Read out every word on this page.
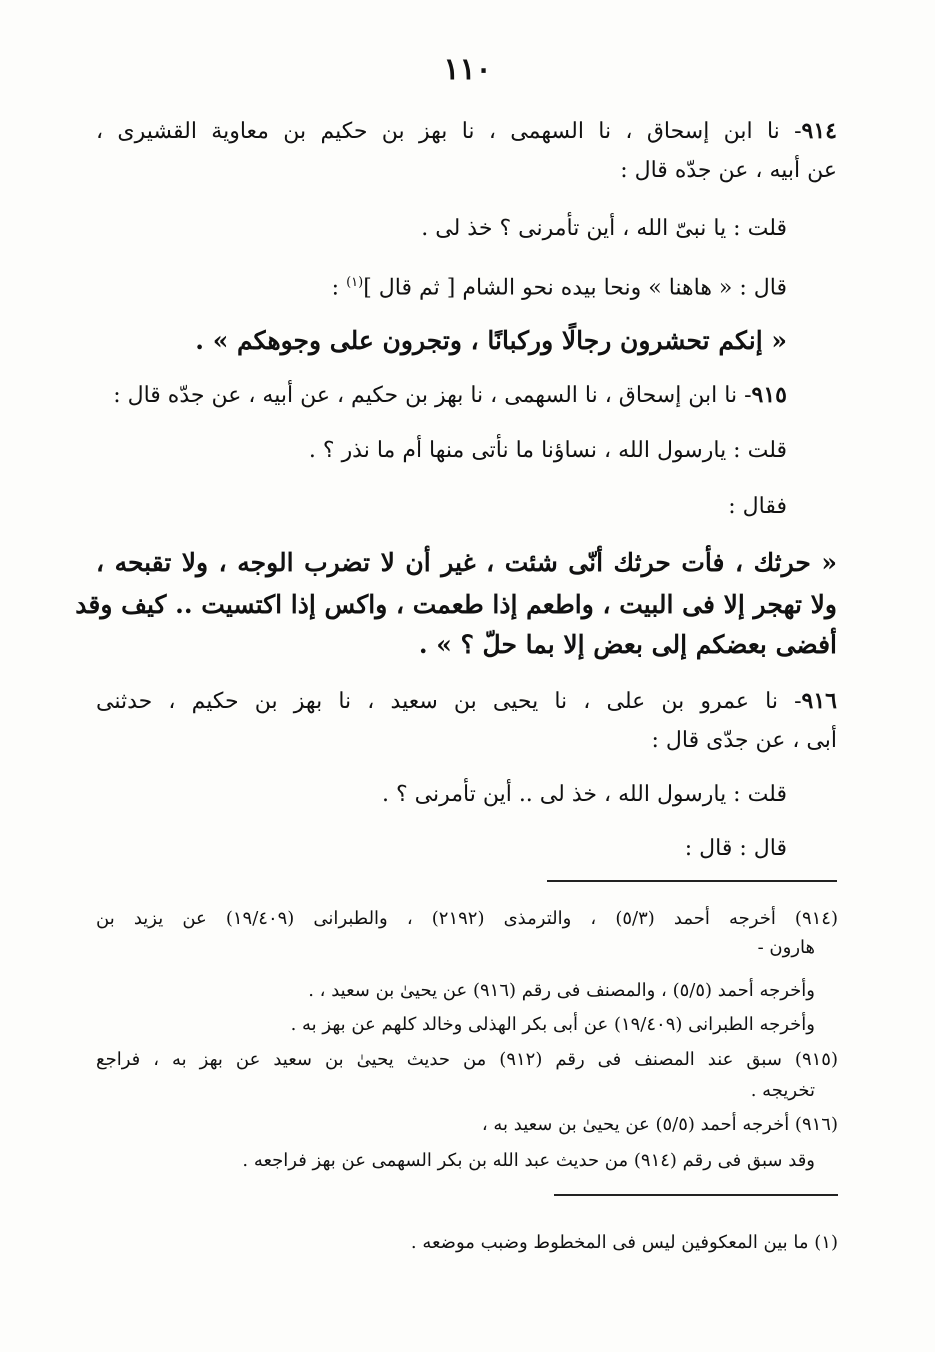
١١٠
٩١٤- نا ابن إسحاق ، نا السهمى ، نا بهز بن حكيم بن معاوية القشيرى ،
عن أبيه ، عن جدّه قال :
قلت : يا نبىّ الله ، أين تأمرنى ؟ خذ لى .
قال : « هاهنا » ونحا بيده نحو الشام [ ثم قال ]$^{(١)}$ :
« إنكم تحشرون رجالًا وركبانًا ، وتجرون على وجوهكم » .
٩١٥- نا ابن إسحاق ، نا السهمى ، نا بهز بن حكيم ، عن أبيه ، عن جدّه قال :
قلت : يارسول الله ، نساؤنا ما نأتى منها أم ما نذر ؟ .
فقال :
« حرثك ، فأت حرثك أنّى شئت ، غير أن لا تضرب الوجه ، ولا تقبحه ،
ولا تهجر إلا فى البيت ، واطعم إذا طعمت ، واكس إذا اكتسيت .. كيف وقد
أفضى بعضكم إلى بعض إلا بما حلّ ؟ » .
٩١٦- نا عمرو بن على ، نا يحيى بن سعيد ، نا بهز بن حكيم ، حدثنى
أبى ، عن جدّى قال :
قلت : يارسول الله ، خذ لى .. أين تأمرنى ؟ .
قال : قال :
(٩١٤) أخرجه أحمد (٥/٣) ، والترمذى (٢١٩٢) ، والطبرانى (١٩/٤٠٩) عن يزيد بن
هارون -
وأخرجه أحمد (٥/٥) ، والمصنف فى رقم (٩١٦) عن يحيىٰ بن سعيد ، .
وأخرجه الطبرانى (١٩/٤٠٩) عن أبى بكر الهذلى وخالد كلهم عن بهز به .
(٩١٥) سبق عند المصنف فى رقم (٩١٢) من حديث يحيىٰ بن سعيد عن بهز به ، فراجع
تخريجه .
(٩١٦) أخرجه أحمد (٥/٥) عن يحيىٰ بن سعيد به ،
وقد سبق فى رقم (٩١٤) من حديث عبد الله بن بكر السهمى عن بهز فراجعه .
(١) ما بين المعكوفين ليس فى المخطوط وضبب موضعه .
